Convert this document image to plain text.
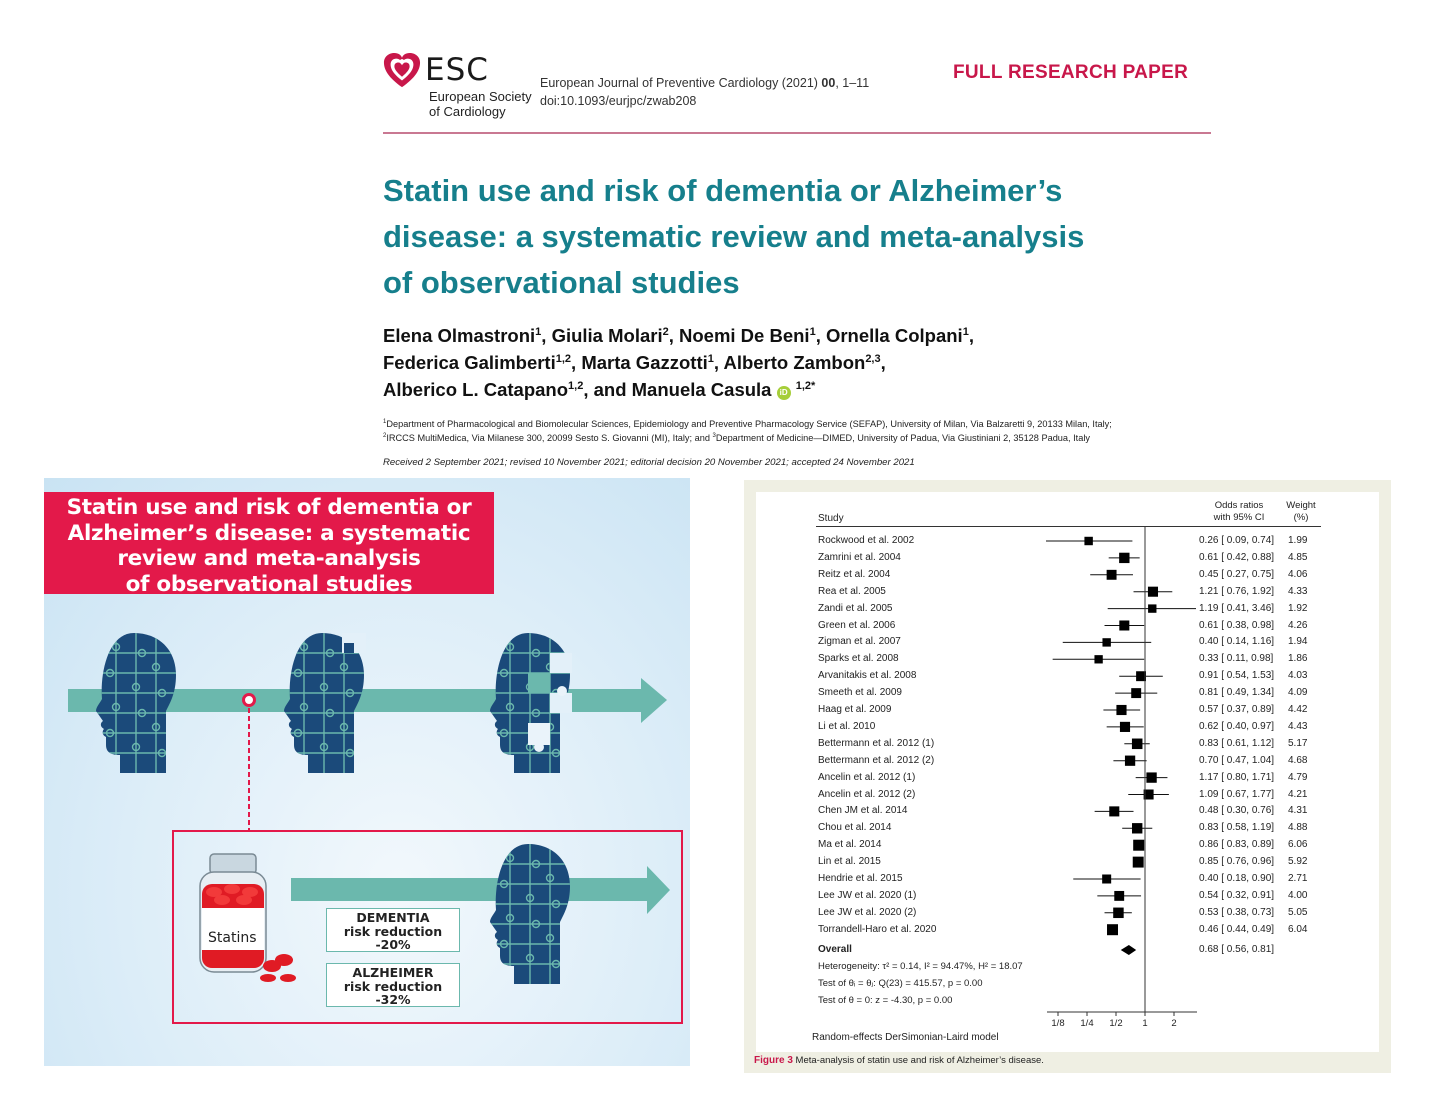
ESC
European Society
of Cardiology
European Journal of Preventive Cardiology (2021) 00, 1–11
doi:10.1093/eurjpc/zwab208
FULL RESEARCH PAPER
Statin use and risk of dementia or Alzheimer’s
disease: a systematic review and meta-analysis
of observational studies
Elena Olmastroni$^1$, Giulia Molari$^2$, Noemi De Beni$^1$, Ornella Colpani$^1$,
Federica Galimberti$^{1,2}$, Marta Gazzotti$^1$, Alberto Zambon$^{2,3}$,
Alberico L. Catapano$^{1,2}$, and Manuela Casula iD $^{1,2*}$
$^1$Department of Pharmacological and Biomolecular Sciences, Epidemiology and Preventive Pharmacology Service (SEFAP), University of Milan, Via Balzaretti 9, 20133 Milan, Italy;
$^2$IRCCS MultiMedica, Via Milanese 300, 20099 Sesto S. Giovanni (MI), Italy; and $^3$Department of Medicine—DIMED, University of Padua, Via Giustiniani 2, 35128 Padua, Italy
Received 2 September 2021; revised 10 November 2021; editorial decision 20 November 2021; accepted 24 November 2021
Statin use and risk of dementia or
Alzheimer’s disease: a systematic
review and meta-analysis
of observational studies
Statins
DEMENTIA
risk reduction
-20%
ALZHEIMER
risk reduction
-32%
Study
Odds ratios
with 95% CI
Weight
(%)
1/8 1/4 1/2 1 2
Rockwood et al. 2002	0.26 [ 0.09, 0.74] 1.99
Zamrini et al. 2004	0.61 [ 0.42, 0.88] 4.85
Reitz et al. 2004	0.45 [ 0.27, 0.75] 4.06
Rea et al. 2005	1.21 [ 0.76, 1.92] 4.33
Zandi et al. 2005	1.19 [ 0.41, 3.46] 1.92
Green et al. 2006	0.61 [ 0.38, 0.98] 4.26
Zigman et al. 2007	0.40 [ 0.14, 1.16] 1.94
Sparks et al. 2008	0.33 [ 0.11, 0.98] 1.86
Arvanitakis et al. 2008	0.91 [ 0.54, 1.53] 4.03
Smeeth et al. 2009	0.81 [ 0.49, 1.34] 4.09
Haag et al. 2009	0.57 [ 0.37, 0.89] 4.42
Li et al. 2010	0.62 [ 0.40, 0.97] 4.43
Bettermann et al. 2012 (1)	0.83 [ 0.61, 1.12] 5.17
Bettermann et al. 2012 (2)	0.70 [ 0.47, 1.04] 4.68
Ancelin et al. 2012 (1)	1.17 [ 0.80, 1.71] 4.79
Ancelin et al. 2012 (2)	1.09 [ 0.67, 1.77] 4.21
Chen JM et al. 2014	0.48 [ 0.30, 0.76] 4.31
Chou et al. 2014	0.83 [ 0.58, 1.19] 4.88
Ma et al. 2014	0.86 [ 0.83, 0.89] 6.06
Lin et al. 2015	0.85 [ 0.76, 0.96] 5.92
Hendrie et al. 2015	0.40 [ 0.18, 0.90] 2.71
Lee JW et al. 2020 (1)	0.54 [ 0.32, 0.91] 4.00
Lee JW et al. 2020 (2)	0.53 [ 0.38, 0.73] 5.05
Torrandell-Haro et al. 2020	0.46 [ 0.44, 0.49] 6.04
Overall	0.68 [ 0.56, 0.81]
Heterogeneity: τ² = 0.14, I² = 94.47%, H² = 18.07
Test of θᵢ = θⱼ: Q(23) = 415.57, p = 0.00
Test of θ = 0: z = -4.30, p = 0.00
Random-effects DerSimonian-Laird model
Figure 3 Meta-analysis of statin use and risk of Alzheimer’s disease.
